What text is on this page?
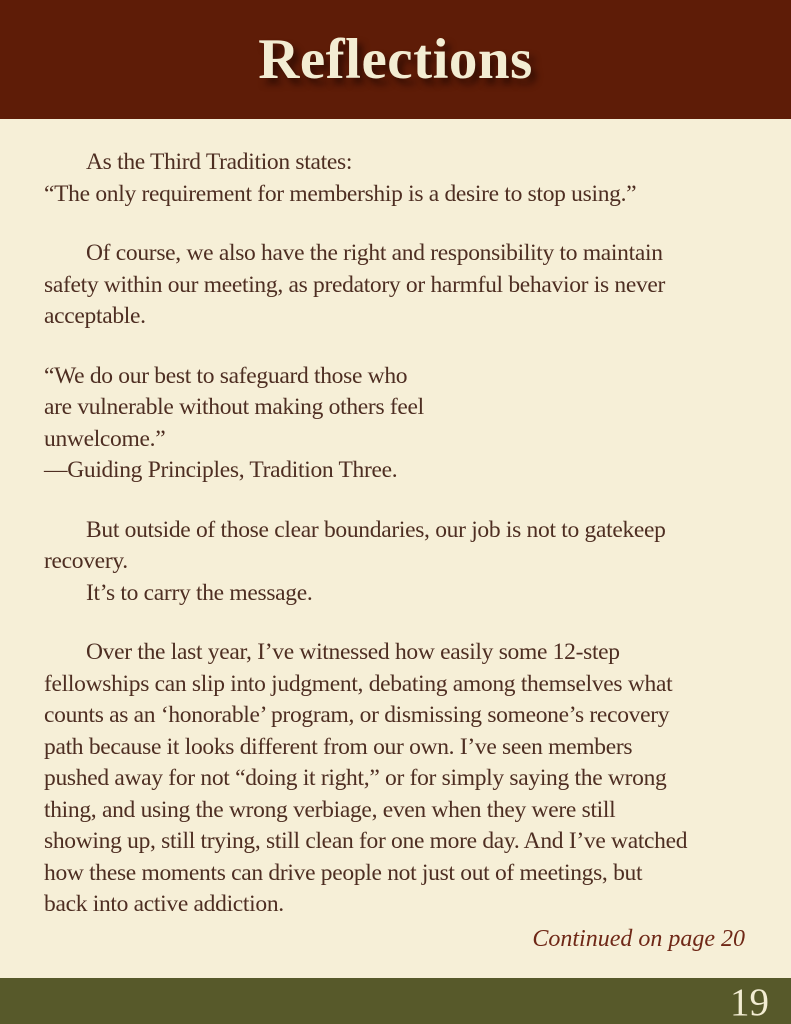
Reflections
As the Third Tradition states:
“The only requirement for membership is a desire to stop using.”
Of course, we also have the right and responsibility to maintain
safety within our meeting, as predatory or harmful behavior is never
acceptable.
“We do our best to safeguard those who
are vulnerable without making others feel
unwelcome.”
—Guiding Principles, Tradition Three.
But outside of those clear boundaries, our job is not to gatekeep
recovery.
It’s to carry the message.
Over the last year, I’ve witnessed how easily some 12-step
fellowships can slip into judgment, debating among themselves what
counts as an ‘honorable’ program, or dismissing someone’s recovery
path because it looks different from our own. I’ve seen members
pushed away for not “doing it right,” or for simply saying the wrong
thing, and using the wrong verbiage, even when they were still
showing up, still trying, still clean for one more day. And I’ve watched
how these moments can drive people not just out of meetings, but
back into active addiction.
Continued on page 20
19
